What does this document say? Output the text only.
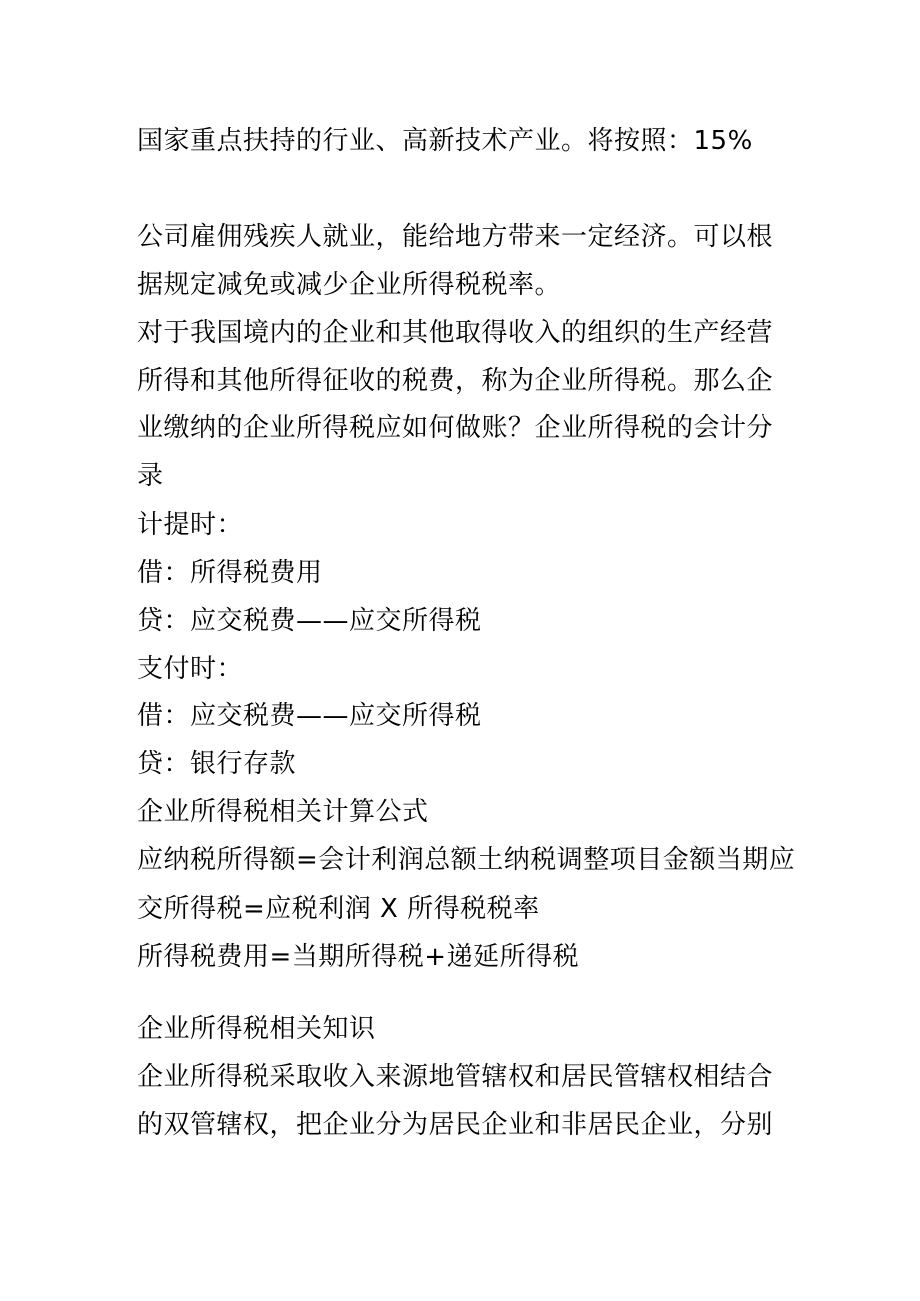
国家重点扶持的行业、高新技术产业。将按照：15%
公司雇佣残疾人就业，能给地方带来一定经济。可以根
据规定减免或减少企业所得税税率。
对于我国境内的企业和其他取得收入的组织的生产经营
所得和其他所得征收的税费，称为企业所得税。那么企
业缴纳的企业所得税应如何做账？企业所得税的会计分
录
计提时：
借：所得税费用
贷：应交税费——应交所得税
支付时：
借：应交税费——应交所得税
贷：银行存款
企业所得税相关计算公式
应纳税所得额=会计利润总额土纳税调整项目金额当期应
交所得税=应税利润 X 所得税税率
所得税费用=当期所得税+递延所得税
企业所得税相关知识
企业所得税采取收入来源地管辖权和居民管辖权相结合
的双管辖权，把企业分为居民企业和非居民企业，分别
